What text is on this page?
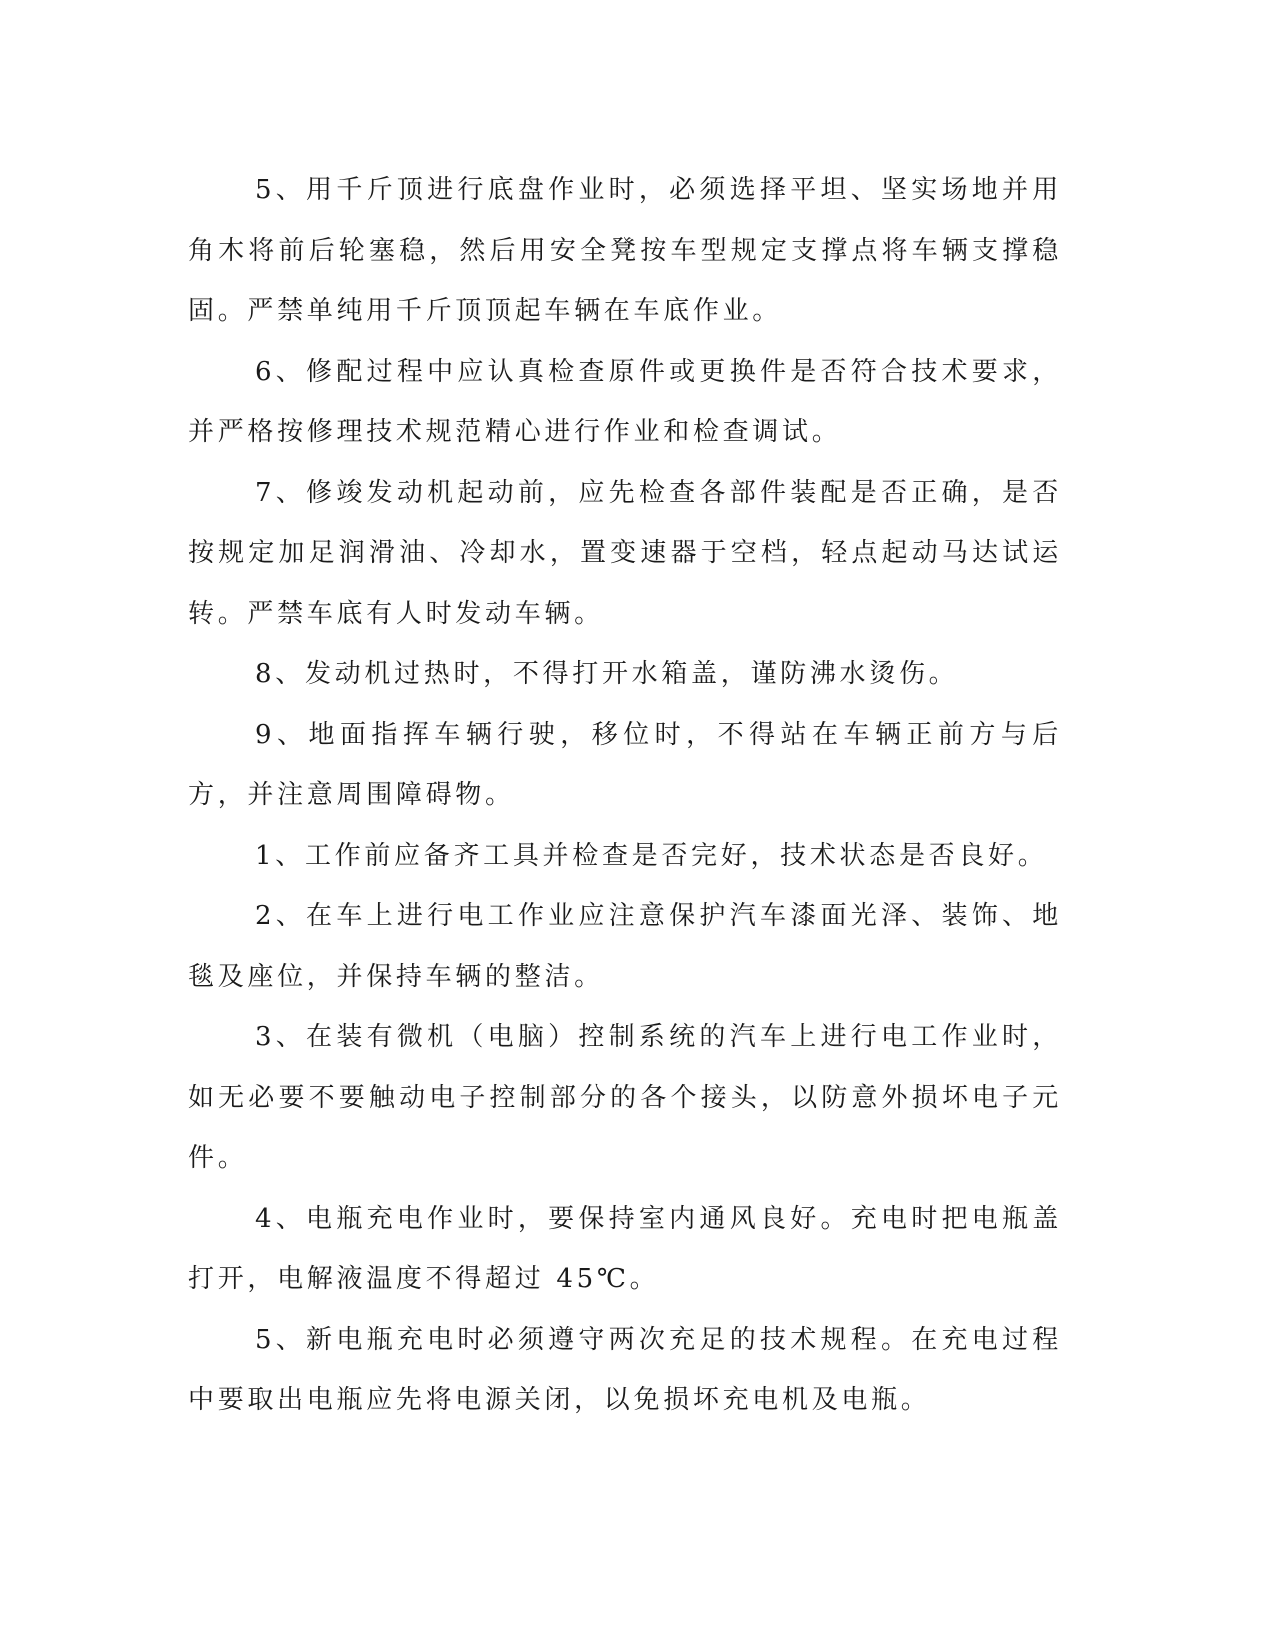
5、用千斤顶进行底盘作业时，必须选择平坦、坚实场地并用角木将前后轮塞稳，然后用安全凳按车型规定支撑点将车辆支撑稳固。严禁单纯用千斤顶顶起车辆在车底作业。

6、修配过程中应认真检查原件或更换件是否符合技术要求，并严格按修理技术规范精心进行作业和检查调试。

7、修竣发动机起动前，应先检查各部件装配是否正确，是否按规定加足润滑油、冷却水，置变速器于空档，轻点起动马达试运转。严禁车底有人时发动车辆。

8、发动机过热时，不得打开水箱盖，谨防沸水烫伤。

9、地面指挥车辆行驶，移位时，不得站在车辆正前方与后方，并注意周围障碍物。

1、工作前应备齐工具并检查是否完好，技术状态是否良好。

2、在车上进行电工作业应注意保护汽车漆面光泽、装饰、地毯及座位，并保持车辆的整洁。

3、在装有微机（电脑）控制系统的汽车上进行电工作业时，如无必要不要触动电子控制部分的各个接头，以防意外损坏电子元件。

4、电瓶充电作业时，要保持室内通风良好。充电时把电瓶盖打开，电解液温度不得超过 45℃。

5、新电瓶充电时必须遵守两次充足的技术规程。在充电过程中要取出电瓶应先将电源关闭，以免损坏充电机及电瓶。
